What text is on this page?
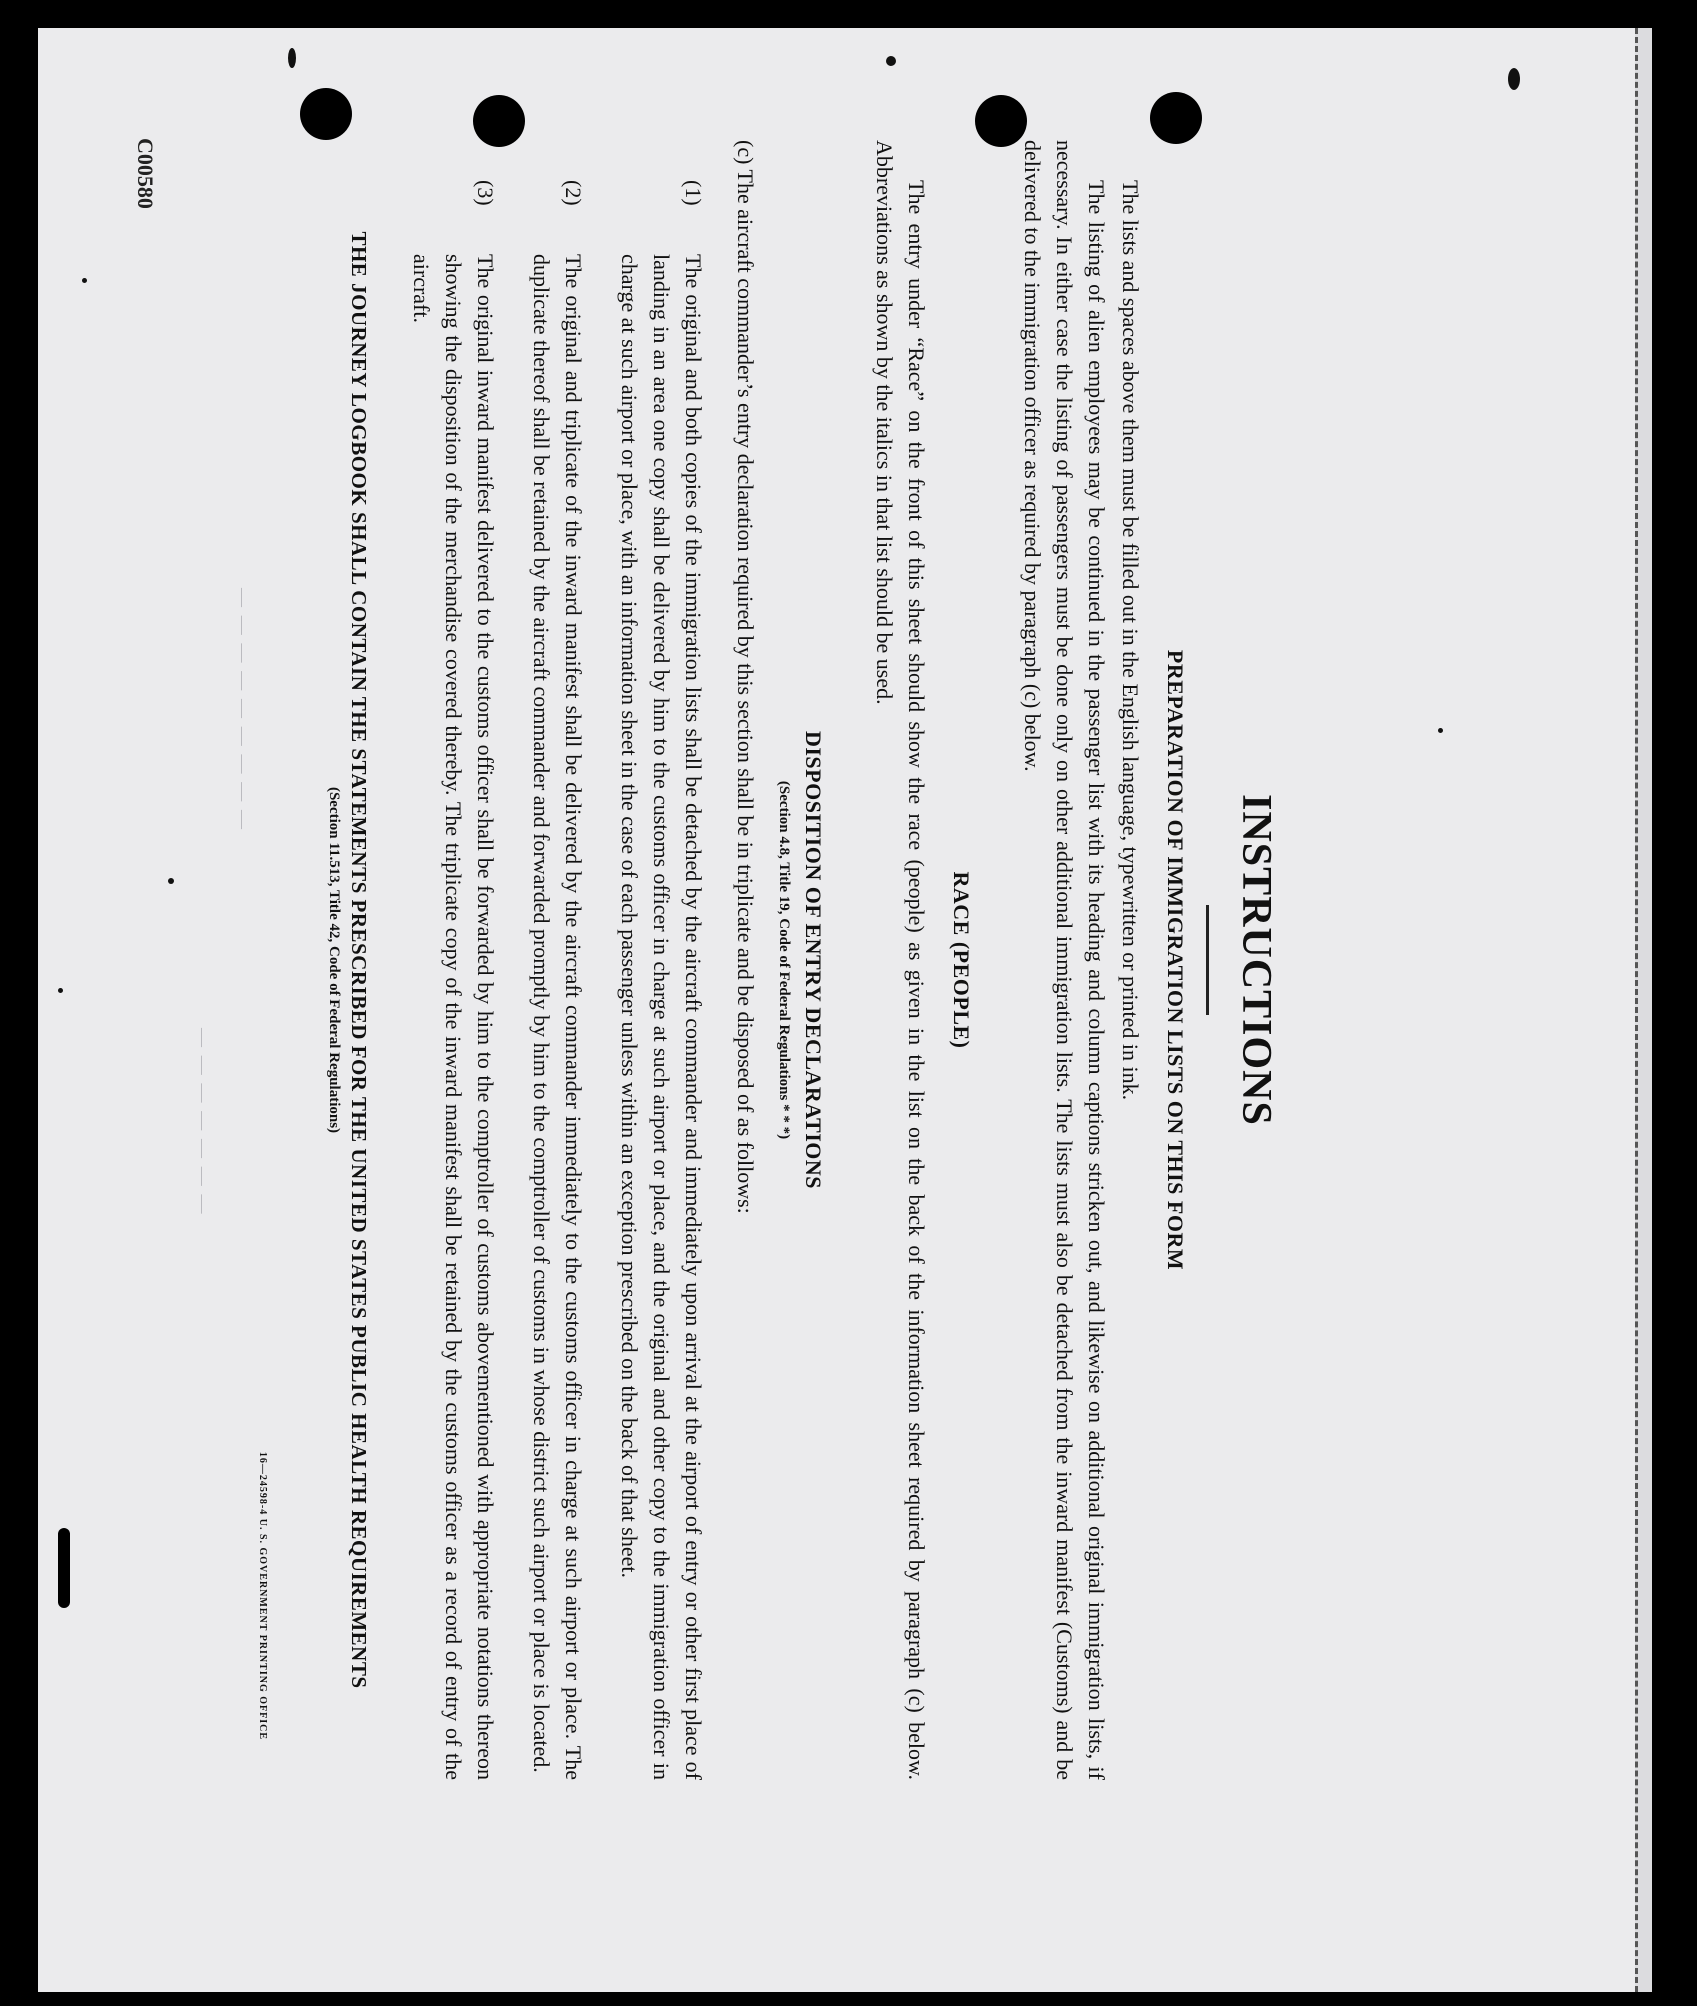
C00580
— — — — — — — — —
— — — — — — —	INSTRUCTIONS
PREPARATION OF IMMIGRATION LISTS ON THIS FORM

The lists and spaces above them must be filled out in the English language, typewritten or printed in ink.

The listing of alien employees may be continued in the passenger list with its heading and column captions stricken out, and likewise on additional original immigration lists, if necessary. In either case the listing of passengers must be done only on other additional immigration lists. The lists must also be detached from the inward manifest (Customs) and be delivered to the immigration officer as required by paragraph (c) below.

RACE (PEOPLE)

The entry under “Race” on the front of this sheet should show the race (people) as given in the list on the back of the information sheet required by paragraph (c) below. Abbreviations as shown by the italics in that list should be used.

DISPOSITION OF ENTRY DECLARATIONS
(Section 4.8, Title 19, Code of Federal Regulations * * *)

(c) The aircraft commander’s entry declaration required by this section shall be in triplicate and be disposed of as follows:

(1)
The original and both copies of the immigration lists shall be detached by the aircraft commander and immediately upon arrival at the airport of entry or other first place of landing in an area one copy shall be delivered by him to the customs officer in charge at such airport or place, and the original and other copy to the immigration officer in charge at such airport or place, with an information sheet in the case of each passenger unless within an exception prescribed on the back of that sheet.
(2)
The original and triplicate of the inward manifest shall be delivered by the aircraft commander immediately to the customs officer in charge at such airport or place. The duplicate thereof shall be retained by the aircraft commander and forwarded promptly by him to the comptroller of customs in whose district such airport or place is located.
(3)
The original inward manifest delivered to the customs officer shall be forwarded by him to the comptroller of customs abovementioned with appropriate notations thereon showing the disposition of the merchandise covered thereby. The triplicate copy of the inward manifest shall be retained by the customs officer as a record of entry of the aircraft.
THE JOURNEY LOGBOOK SHALL CONTAIN THE STATEMENTS PRESCRIBED FOR THE UNITED STATES PUBLIC HEALTH REQUIREMENTS
(Section 11.513, Title 42, Code of Federal Regulations)
16—24598-4 U. S. GOVERNMENT PRINTING OFFICE
